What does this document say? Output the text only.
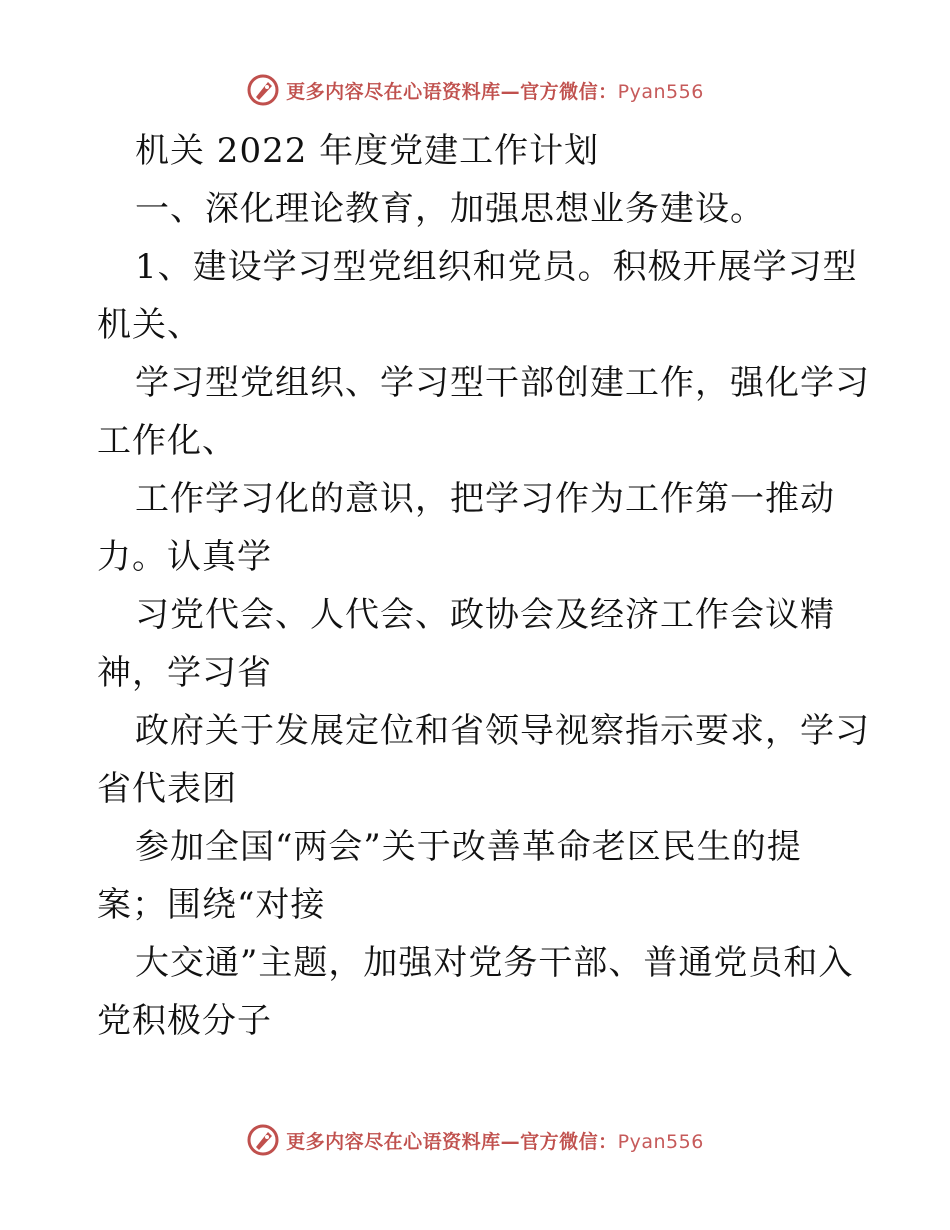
更多内容尽在心语资料库—官方微信：Pyan556
机关 2022 年度党建工作计划
一、深化理论教育，加强思想业务建设。
1、建设学习型党组织和党员。积极开展学习型
机关、
学习型党组织、学习型干部创建工作，强化学习
工作化、
工作学习化的意识，把学习作为工作第一推动
力。认真学
习党代会、人代会、政协会及经济工作会议精
神，学习省
政府关于发展定位和省领导视察指示要求，学习
省代表团
参加全国“两会”关于改善革命老区民生的提
案；围绕“对接
大交通”主题，加强对党务干部、普通党员和入
党积极分子
更多内容尽在心语资料库—官方微信：Pyan556
